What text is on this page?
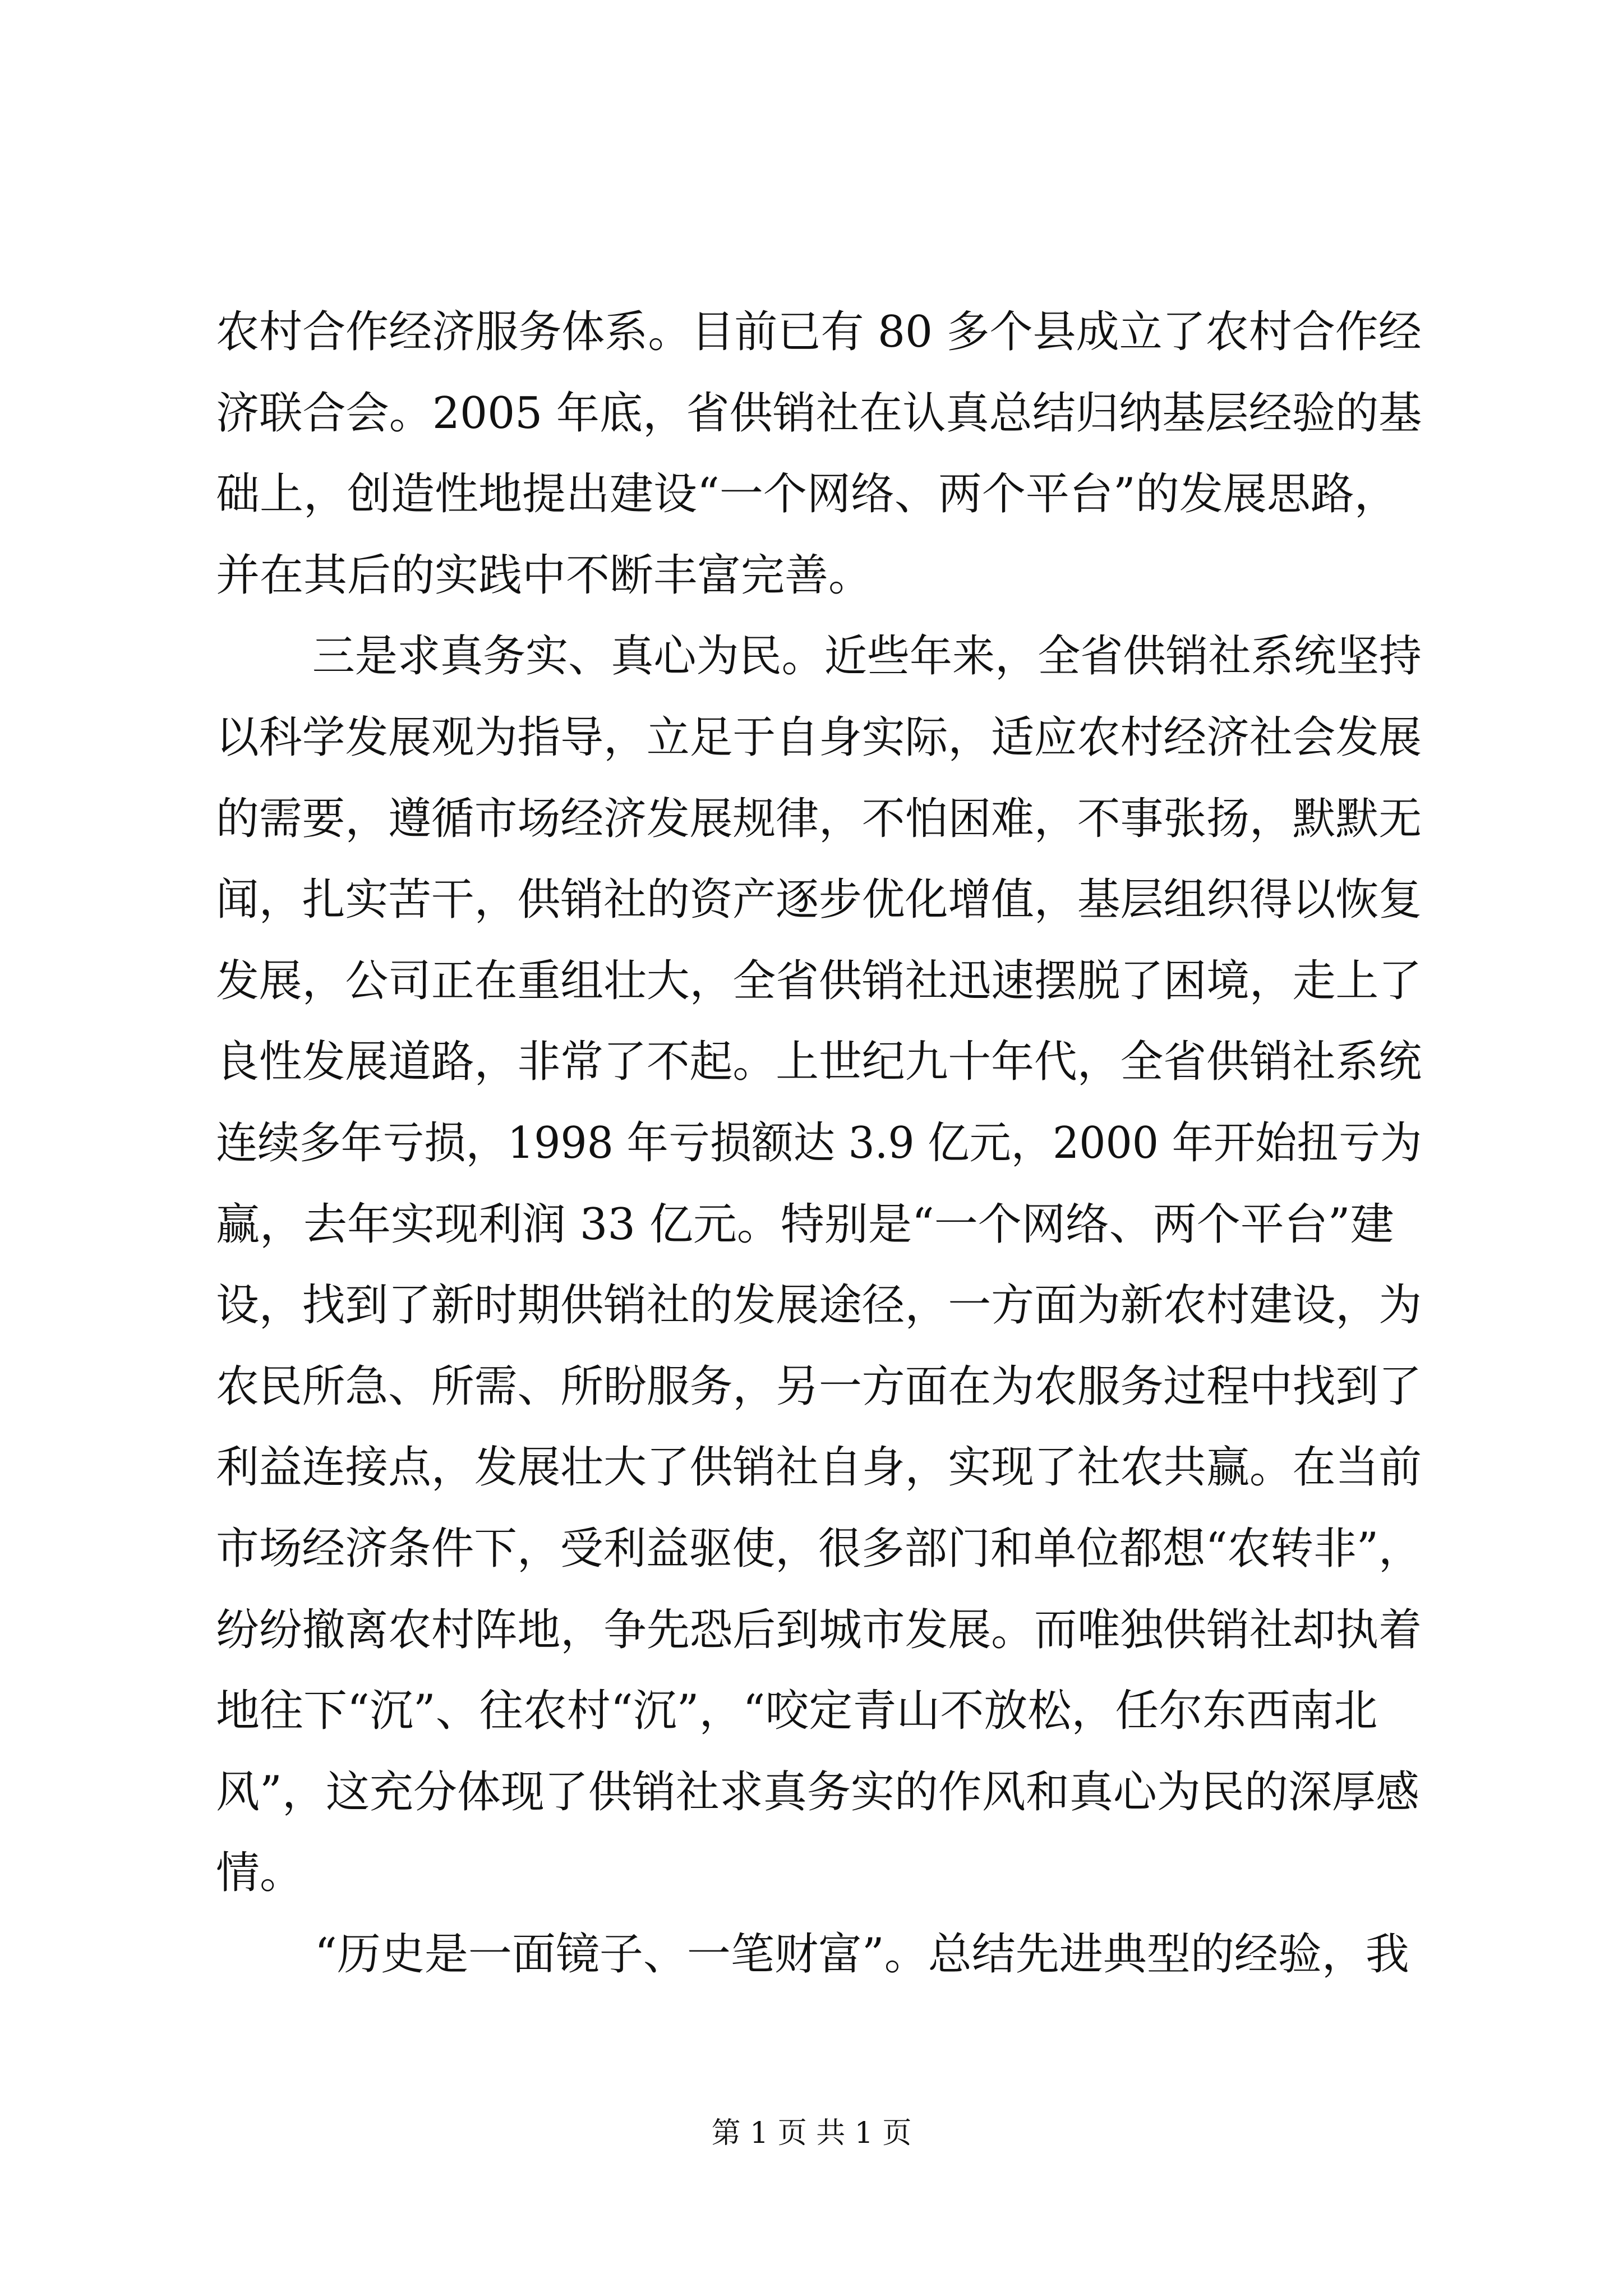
农村合作经济服务体系。目前已有 80 多个县成立了农村合作经
济联合会。2005 年底，省供销社在认真总结归纳基层经验的基
础上，创造性地提出建设“一个网络、两个平台”的发展思路，
并在其后的实践中不断丰富完善。
三是求真务实、真心为民。近些年来，全省供销社系统坚持
以科学发展观为指导，立足于自身实际，适应农村经济社会发展
的需要，遵循市场经济发展规律，不怕困难，不事张扬，默默无
闻，扎实苦干，供销社的资产逐步优化增值，基层组织得以恢复
发展，公司正在重组壮大，全省供销社迅速摆脱了困境，走上了
良性发展道路，非常了不起。上世纪九十年代，全省供销社系统
连续多年亏损，1998 年亏损额达 3.9 亿元，2000 年开始扭亏为
赢，去年实现利润 33 亿元。特别是“一个网络、两个平台”建
设，找到了新时期供销社的发展途径，一方面为新农村建设，为
农民所急、所需、所盼服务，另一方面在为农服务过程中找到了
利益连接点，发展壮大了供销社自身，实现了社农共赢。在当前
市场经济条件下，受利益驱使，很多部门和单位都想“农转非”，
纷纷撤离农村阵地，争先恐后到城市发展。而唯独供销社却执着
地往下“沉”、往农村“沉”，“咬定青山不放松，任尔东西南北
风”，这充分体现了供销社求真务实的作风和真心为民的深厚感
情。
“历史是一面镜子、一笔财富”。总结先进典型的经验，我
第 1 页 共 1 页
